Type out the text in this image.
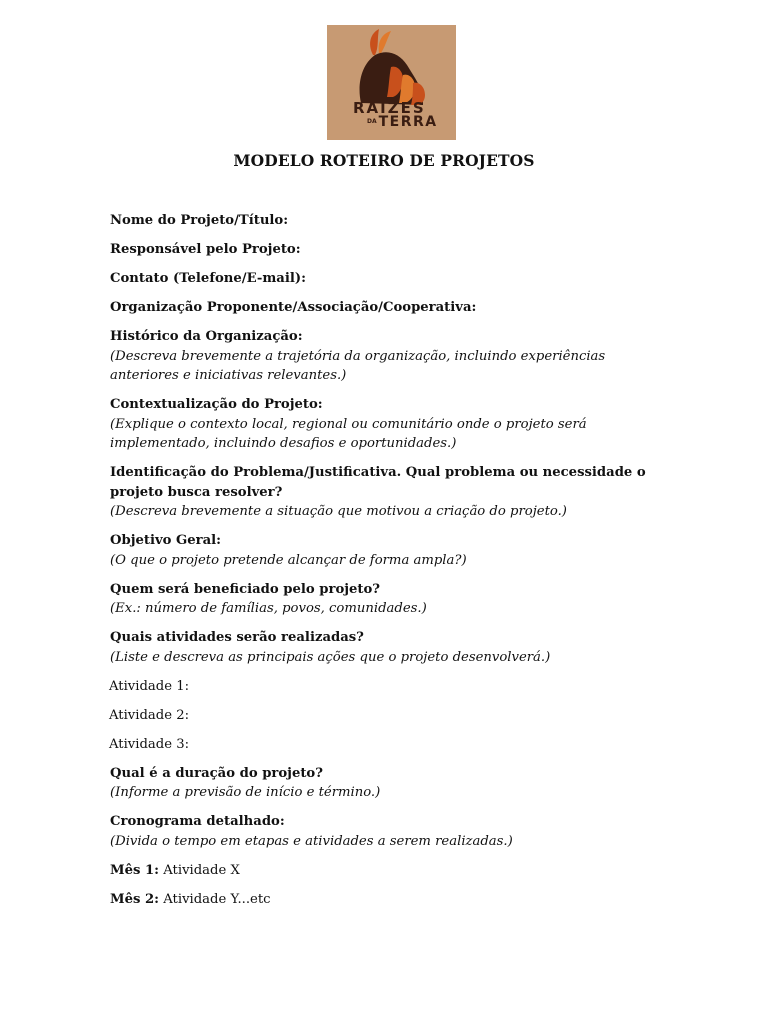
RAIZES
DA TERRA
MODELO ROTEIRO DE PROJETOS
Nome do Projeto/Título:
Responsável pelo Projeto:
Contato (Telefone/E-mail):
Organização Proponente/Associação/Cooperativa:
Histórico da Organização:
(Descreva brevemente a trajetória da organização, incluindo experiências anteriores e iniciativas relevantes.)
Contextualização do Projeto:
(Explique o contexto local, regional ou comunitário onde o projeto será implementado, incluindo desafios e oportunidades.)
Identificação do Problema/Justificativa. Qual problema ou necessidade o projeto busca resolver?
(Descreva brevemente a situação que motivou a criação do projeto.)
Objetivo Geral:
(O que o projeto pretende alcançar de forma ampla?)
Quem será beneficiado pelo projeto?
(Ex.: número de famílias, povos, comunidades.)
Quais atividades serão realizadas?
(Liste e descreva as principais ações que o projeto desenvolverá.)
Atividade 1:
Atividade 2:
Atividade 3:
Qual é a duração do projeto?
(Informe a previsão de início e término.)
Cronograma detalhado:
(Divida o tempo em etapas e atividades a serem realizadas.)
Mês 1: Atividade X
Mês 2: Atividade Y...etc
